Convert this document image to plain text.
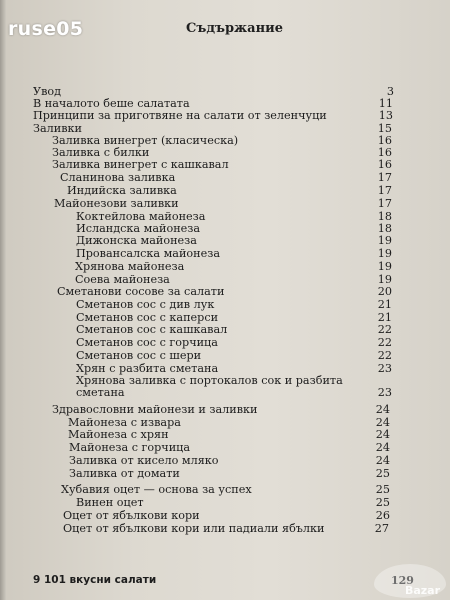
ruse05	Съдържание
Увод	3
В началото беше салатата	11
Принципи за приготвяне на салати от зеленчуци	13
Заливки	15
Заливка винегрет (класическа)	16
Заливка с билки	16
Заливка винегрет с кашкавал	16
Сланинова заливка	17
Индийска заливка	17
Майонезови заливки	17
Коктейлова майонеза	18
Исландска майонеза	18
Дижонска майонеза	19
Провансалска майонеза	19
Хрянова майонеза	19
Соева майонеза	19
Сметанови сосове за салати	20
Сметанов сос с див лук	21
Сметанов сос с каперси	21
Сметанов сос с кашкавал	22
Сметанов сос с горчица	22
Сметанов сос с шери	22
Хрян с разбита сметана	23
Хрянова заливка с портокалов сок и разбита
сметана	23
Здравословни майонези и заливки	24
Майонеза с извара	24
Майонеза с хрян	24
Майонеза с горчица	24
Заливка от кисело мляко	24
Заливка от домати	25
Хубавия оцет — основа за успех	25
Винен оцет	25
Оцет от ябълкови кори	26
Оцет от ябълкови кори или падиали ябълки	27
9 101 вкусни салати	129
Bazar
